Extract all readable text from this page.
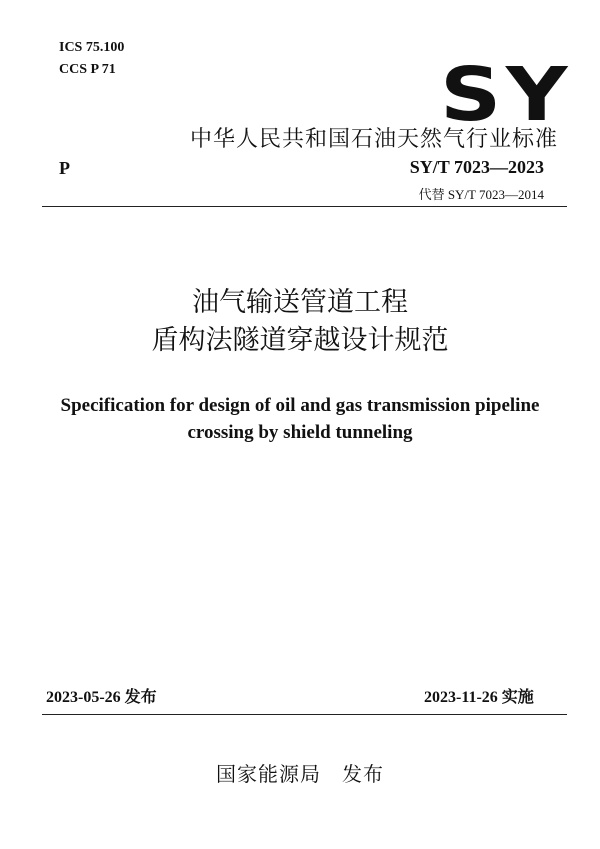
ICS 75.100
CCS P 71	SY
中华人民共和国石油天然气行业标准
P	SY/T 7023—2023
代替 SY/T 7023—2014
油气输送管道工程
盾构法隧道穿越设计规范
Specification for design of oil and gas transmission pipeline
crossing by shield tunneling
2023-05-26 发布	2023-11-26 实施
国家能源局　发布
